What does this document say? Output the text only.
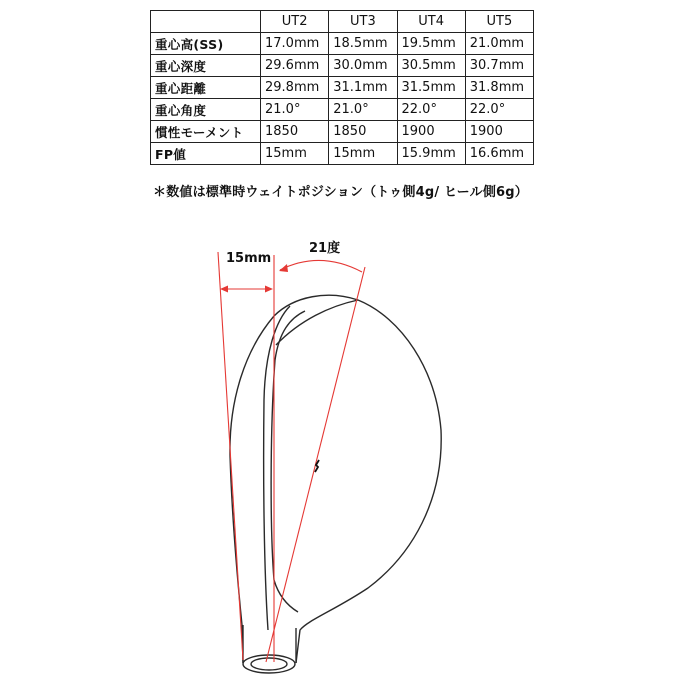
	UT2	UT3	UT4	UT5
重心高(SS)	17.0mm	18.5mm	19.5mm	21.0mm
重心深度	29.6mm	30.0mm	30.5mm	30.7mm
重心距離	29.8mm	31.1mm	31.5mm	31.8mm
重心角度	21.0°	21.0°	22.0°	22.0°
慣性モーメント	1850	1850	1900	1900
FP値	15mm	15mm	15.9mm	16.6mm
＊数値は標準時ウェイトポジション（トゥ側4g/ ヒール側6g）
15mm
21度
